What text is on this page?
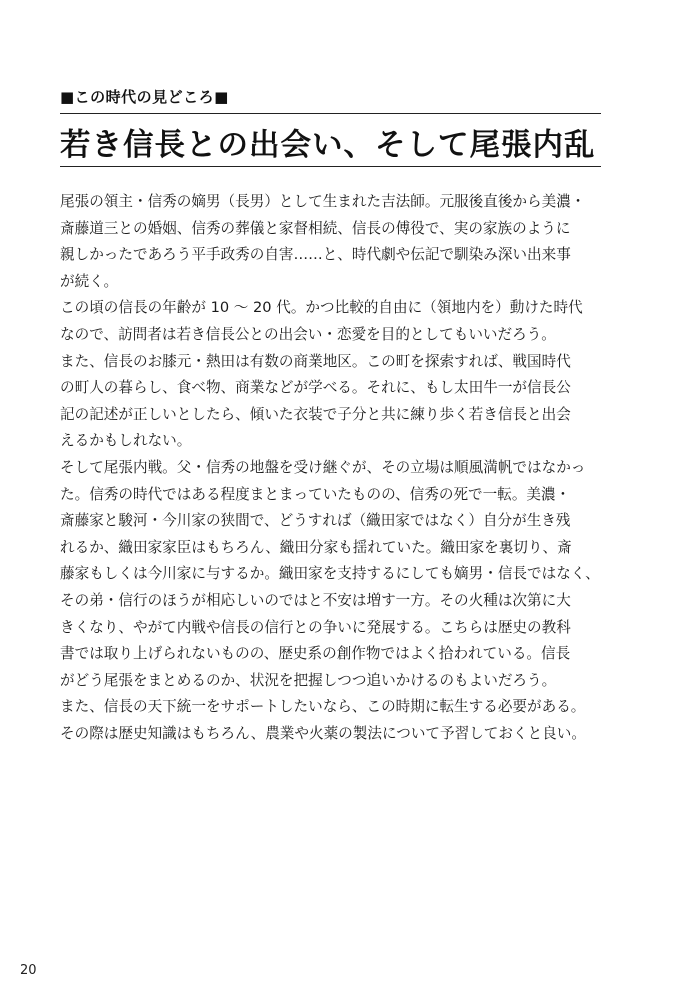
■この時代の見どころ■
若き信長との出会い、そして尾張内乱
尾張の領主・信秀の嫡男（長男）として生まれた吉法師。元服後直後から美濃・
斎藤道三との婚姻、信秀の葬儀と家督相続、信長の傅役で、実の家族のように
親しかったであろう平手政秀の自害……と、時代劇や伝記で馴染み深い出来事
が続く。
この頃の信長の年齢が 10 ～ 20 代。かつ比較的自由に（領地内を）動けた時代
なので、訪問者は若き信長公との出会い・恋愛を目的としてもいいだろう。
また、信長のお膝元・熱田は有数の商業地区。この町を探索すれば、戦国時代
の町人の暮らし、食べ物、商業などが学べる。それに、もし太田牛一が信長公
記の記述が正しいとしたら、傾いた衣装で子分と共に練り歩く若き信長と出会
えるかもしれない。
そして尾張内戦。父・信秀の地盤を受け継ぐが、その立場は順風満帆ではなかっ
た。信秀の時代ではある程度まとまっていたものの、信秀の死で一転。美濃・
斎藤家と駿河・今川家の狭間で、どうすれば（織田家ではなく）自分が生き残
れるか、織田家家臣はもちろん、織田分家も揺れていた。織田家を裏切り、斎
藤家もしくは今川家に与するか。織田家を支持するにしても嫡男・信長ではなく、
その弟・信行のほうが相応しいのではと不安は増す一方。その火種は次第に大
きくなり、やがて内戦や信長の信行との争いに発展する。こちらは歴史の教科
書では取り上げられないものの、歴史系の創作物ではよく拾われている。信長
がどう尾張をまとめるのか、状況を把握しつつ追いかけるのもよいだろう。
また、信長の天下統一をサポートしたいなら、この時期に転生する必要がある。
その際は歴史知識はもちろん、農業や火薬の製法について予習しておくと良い。
20
